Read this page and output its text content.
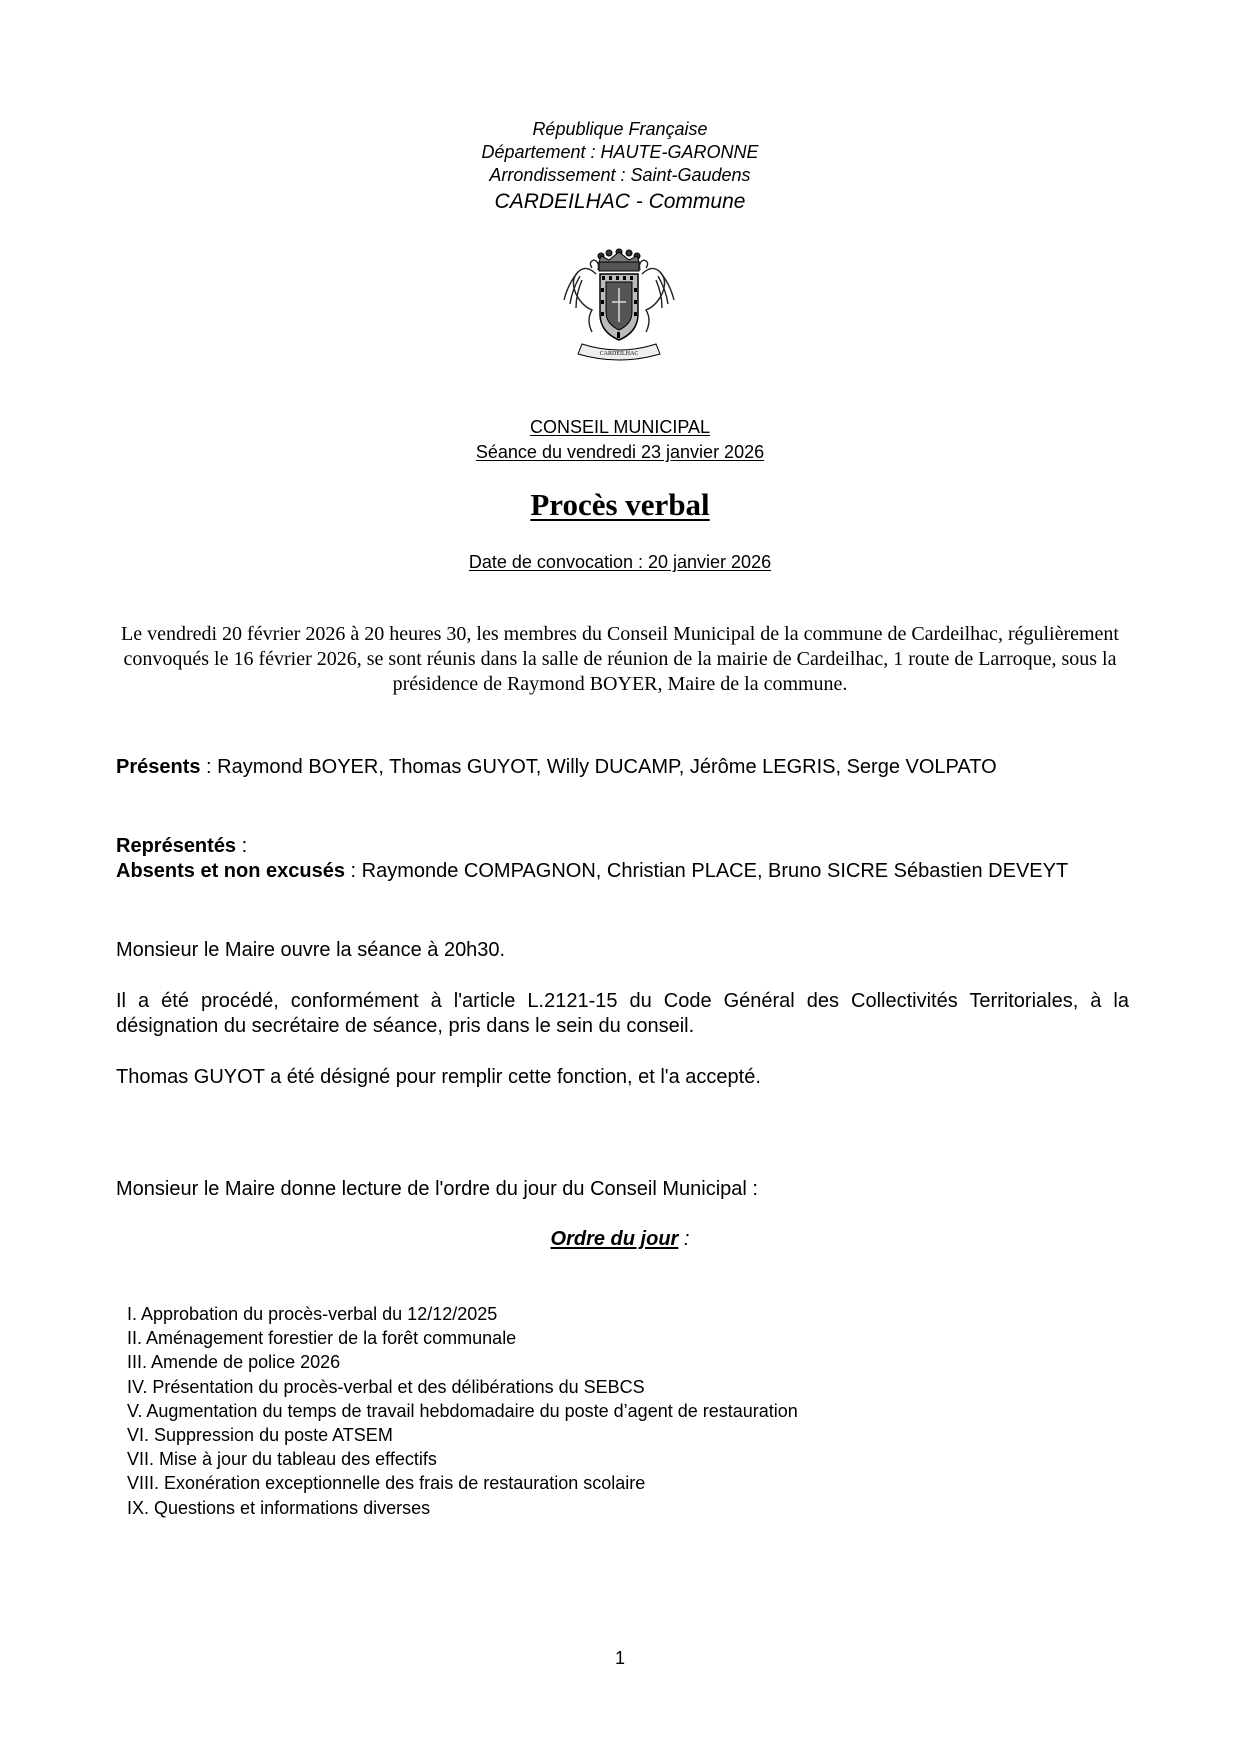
République Française
Département : HAUTE-GARONNE
Arrondissement : Saint-Gaudens
CARDEILHAC - Commune
CARDEILHAC
CONSEIL MUNICIPAL
Séance du vendredi 23 janvier 2026
Procès verbal
Date de convocation : 20 janvier 2026
Le vendredi 20 février 2026 à 20 heures 30, les membres du Conseil Municipal de la commune de Cardeilhac, régulièrement convoqués le 16 février 2026, se sont réunis dans la salle de réunion de la mairie de Cardeilhac, 1 route de Larroque, sous la présidence de Raymond BOYER, Maire de la commune.
Présents : Raymond BOYER, Thomas GUYOT, Willy DUCAMP, Jérôme LEGRIS, Serge VOLPATO
Représentés :
Absents et non excusés : Raymonde COMPAGNON, Christian PLACE, Bruno SICRE Sébastien DEVEYT
Monsieur le Maire ouvre la séance à 20h30.
Il a été procédé, conformément à l'article L.2121-15 du Code Général des Collectivités Territoriales, à la désignation du secrétaire de séance, pris dans le sein du conseil.
Thomas GUYOT a été désigné pour remplir cette fonction, et l'a accepté.
Monsieur le Maire donne lecture de l'ordre du jour du Conseil Municipal :
Ordre du jour :
I. Approbation du procès-verbal du 12/12/2025
II. Aménagement forestier de la forêt communale
III. Amende de police 2026
IV. Présentation du procès-verbal et des délibérations du SEBCS
V. Augmentation du temps de travail hebdomadaire du poste d’agent de restauration
VI. Suppression du poste ATSEM
VII. Mise à jour du tableau des effectifs
VIII. Exonération exceptionnelle des frais de restauration scolaire
IX. Questions et informations diverses
1
